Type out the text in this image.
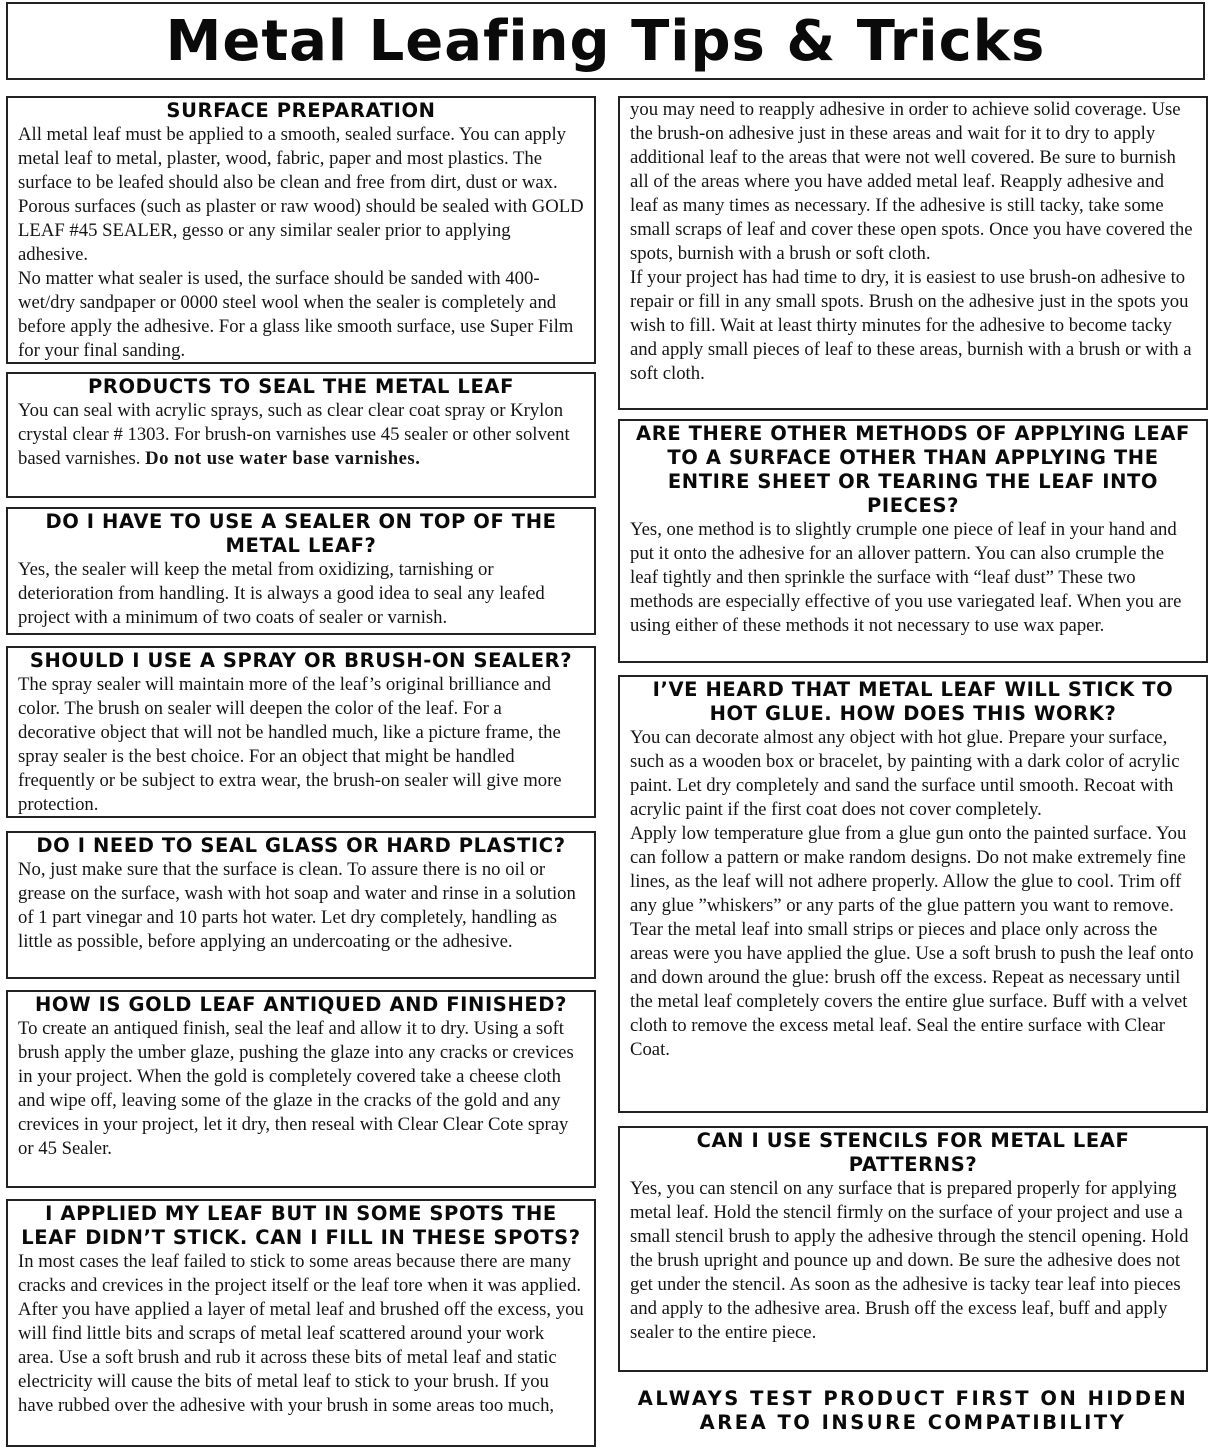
Metal Leafing Tips & Tricks
SURFACE PREPARATION

All metal leaf must be applied to a smooth, sealed surface. You can apply metal leaf to metal, plaster, wood, fabric, paper and most plastics. The surface to be leafed should also be clean and free from dirt, dust or wax. Porous surfaces (such as plaster or raw wood) should be sealed with GOLD LEAF #45 SEALER, gesso or any similar sealer prior to applying adhesive.

No matter what sealer is used, the surface should be sanded with 400-wet/dry sandpaper or 0000 steel wool when the sealer is completely and before apply the adhesive. For a glass like smooth surface, use Super Film for your final sanding.

PRODUCTS TO SEAL THE METAL LEAF

You can seal with acrylic sprays, such as clear clear coat spray or Krylon crystal clear # 1303. For brush-on varnishes use 45 sealer or other solvent based varnishes. Do not use water base varnishes.

DO I HAVE TO USE A SEALER ON TOP OF THE METAL LEAF?

Yes, the sealer will keep the metal from oxidizing, tarnishing or deterioration from handling. It is always a good idea to seal any leafed project with a minimum of two coats of sealer or varnish.

SHOULD I USE A SPRAY OR BRUSH-ON SEALER?

The spray sealer will maintain more of the leaf’s original brilliance and color. The brush on sealer will deepen the color of the leaf. For a decorative object that will not be handled much, like a picture frame, the spray sealer is the best choice. For an object that might be handled frequently or be subject to extra wear, the brush-on sealer will give more protection.

DO I NEED TO SEAL GLASS OR HARD PLASTIC?

No, just make sure that the surface is clean. To assure there is no oil or grease on the surface, wash with hot soap and water and rinse in a solution of 1 part vinegar and 10 parts hot water. Let dry completely, handling as little as possible, before applying an undercoating or the adhesive.

HOW IS GOLD LEAF ANTIQUED AND FINISHED?

To create an antiqued finish, seal the leaf and allow it to dry. Using a soft brush apply the umber glaze, pushing the glaze into any cracks or crevices in your project. When the gold is completely covered take a cheese cloth and wipe off, leaving some of the glaze in the cracks of the gold and any crevices in your project, let it dry, then reseal with Clear Clear Cote spray or 45 Sealer.

I APPLIED MY LEAF BUT IN SOME SPOTS THE LEAF DIDN’T STICK. CAN I FILL IN THESE SPOTS?

In most cases the leaf failed to stick to some areas because there are many cracks and crevices in the project itself or the leaf tore when it was applied. After you have applied a layer of metal leaf and brushed off the excess, you will find little bits and scraps of metal leaf scattered around your work area. Use a soft brush and rub it across these bits of metal leaf and static electricity will cause the bits of metal leaf to stick to your brush. If you have rubbed over the adhesive with your brush in some areas too much,

you may need to reapply adhesive in order to achieve solid coverage. Use the brush-on adhesive just in these areas and wait for it to dry to apply additional leaf to the areas that were not well covered. Be sure to burnish all of the areas where you have added metal leaf. Reapply adhesive and leaf as many times as necessary. If the adhesive is still tacky, take some small scraps of leaf and cover these open spots. Once you have covered the spots, burnish with a brush or soft cloth.

If your project has had time to dry, it is easiest to use brush-on adhesive to repair or fill in any small spots. Brush on the adhesive just in the spots you wish to fill. Wait at least thirty minutes for the adhesive to become tacky and apply small pieces of leaf to these areas, burnish with a brush or with a soft cloth.

ARE THERE OTHER METHODS OF APPLYING LEAF TO A SURFACE OTHER THAN APPLYING THE ENTIRE SHEET OR TEARING THE LEAF INTO PIECES?

Yes, one method is to slightly crumple one piece of leaf in your hand and put it onto the adhesive for an allover pattern. You can also crumple the leaf tightly and then sprinkle the surface with “leaf dust” These two methods are especially effective of you use variegated leaf. When you are using either of these methods it not necessary to use wax paper.

I’VE HEARD THAT METAL LEAF WILL STICK TO HOT GLUE. HOW DOES THIS WORK?

You can decorate almost any object with hot glue. Prepare your surface, such as a wooden box or bracelet, by painting with a dark color of acrylic paint. Let dry completely and sand the surface until smooth. Recoat with acrylic paint if the first coat does not cover completely.

Apply low temperature glue from a glue gun onto the painted surface. You can follow a pattern or make random designs. Do not make extremely fine lines, as the leaf will not adhere properly. Allow the glue to cool. Trim off any glue ”whiskers” or any parts of the glue pattern you want to remove.

Tear the metal leaf into small strips or pieces and place only across the areas were you have applied the glue. Use a soft brush to push the leaf onto and down around the glue: brush off the excess. Repeat as necessary until the metal leaf completely covers the entire glue surface. Buff with a velvet cloth to remove the excess metal leaf. Seal the entire surface with Clear Coat.

CAN I USE STENCILS FOR METAL LEAF PATTERNS?

Yes, you can stencil on any surface that is prepared properly for applying metal leaf. Hold the stencil firmly on the surface of your project and use a small stencil brush to apply the adhesive through the stencil opening. Hold the brush upright and pounce up and down. Be sure the adhesive does not get under the stencil. As soon as the adhesive is tacky tear leaf into pieces and apply to the adhesive area. Brush off the excess leaf, buff and apply sealer to the entire piece.

ALWAYS TEST PRODUCT FIRST ON HIDDEN AREA TO INSURE COMPATIBILITY
